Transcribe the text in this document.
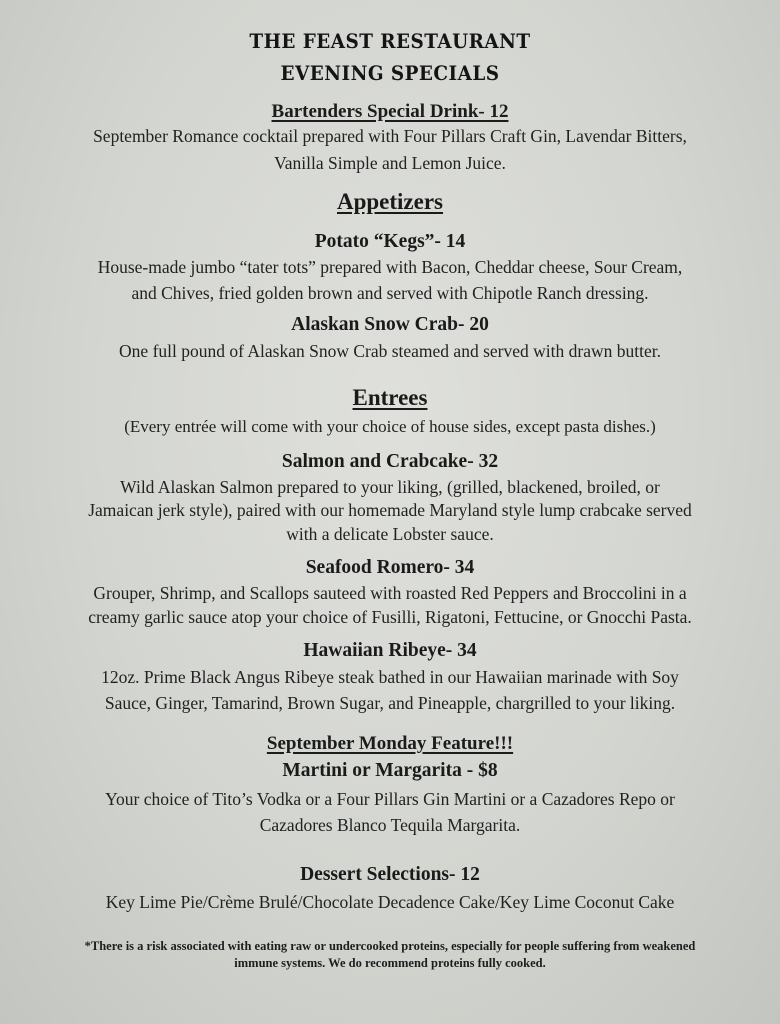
THE FEAST RESTAURANT
EVENING SPECIALS
Bartenders Special Drink- 12
September Romance cocktail prepared with Four Pillars Craft Gin, Lavendar Bitters,
Vanilla Simple and Lemon Juice.
Appetizers
Potato “Kegs”- 14
House-made jumbo “tater tots” prepared with Bacon, Cheddar cheese, Sour Cream,
and Chives, fried golden brown and served with Chipotle Ranch dressing.
Alaskan Snow Crab- 20
One full pound of Alaskan Snow Crab steamed and served with drawn butter.
Entrees
(Every entrée will come with your choice of house sides, except pasta dishes.)
Salmon and Crabcake- 32
Wild Alaskan Salmon prepared to your liking, (grilled, blackened, broiled, or
Jamaican jerk style), paired with our homemade Maryland style lump crabcake served
with a delicate Lobster sauce.
Seafood Romero- 34
Grouper, Shrimp, and Scallops sauteed with roasted Red Peppers and Broccolini in a
creamy garlic sauce atop your choice of Fusilli, Rigatoni, Fettucine, or Gnocchi Pasta.
Hawaiian Ribeye- 34
12oz. Prime Black Angus Ribeye steak bathed in our Hawaiian marinade with Soy
Sauce, Ginger, Tamarind, Brown Sugar, and Pineapple, chargrilled to your liking.
September Monday Feature!!!
Martini or Margarita - $8
Your choice of Tito’s Vodka or a Four Pillars Gin Martini or a Cazadores Repo or
Cazadores Blanco Tequila Margarita.
Dessert Selections- 12
Key Lime Pie/Crème Brulé/Chocolate Decadence Cake/Key Lime Coconut Cake
*There is a risk associated with eating raw or undercooked proteins, especially for people suffering from weakened
immune systems. We do recommend proteins fully cooked.
